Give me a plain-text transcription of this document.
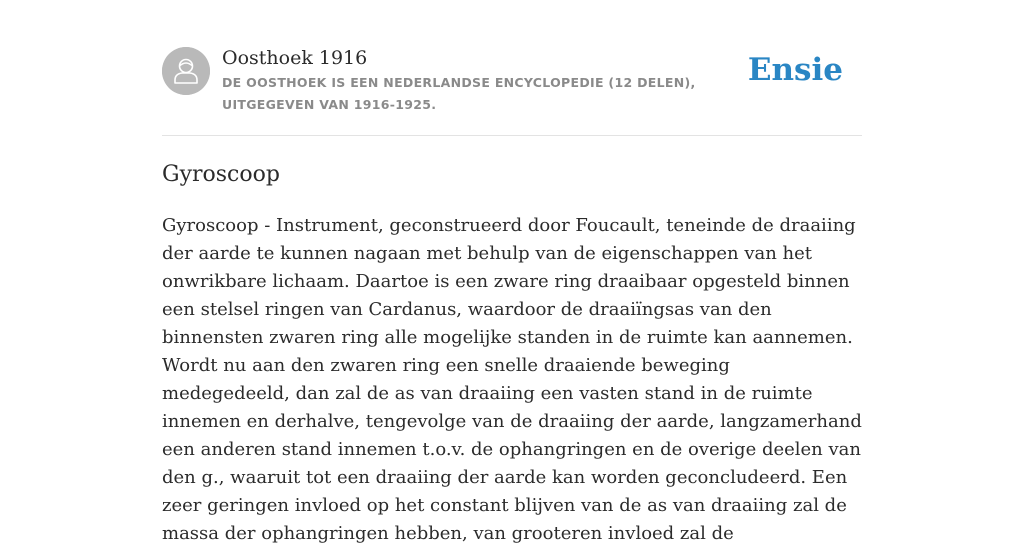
Oosthoek 1916

DE OOSTHOEK IS EEN NEDERLANDSE ENCYCLOPEDIE (12 DELEN), UITGEGEVEN VAN 1916-1925.

Ensie
Gyroscoop

Gyroscoop - Instrument, geconstrueerd door Foucault, teneinde de draaiing der aarde te kunnen nagaan met behulp van de eigenschappen van het onwrikbare lichaam. Daartoe is een zware ring draaibaar opgesteld binnen een stelsel ringen van Cardanus, waardoor de draaiïngsas van den binnensten zwaren ring alle mogelijke standen in de ruimte kan aannemen. Wordt nu aan den zwaren ring een snelle draaiende beweging medegedeeld, dan zal de as van draaiing een vasten stand in de ruimte innemen en derhalve, tengevolge van de draaiing der aarde, langzamerhand een anderen stand innemen t.o.v. de ophangringen en de overige deelen van den g., waaruit tot een draaiing der aarde kan worden geconcludeerd. Een zeer geringen invloed op het constant blijven van de as van draaiing zal de massa der ophangringen hebben, van grooteren invloed zal de
